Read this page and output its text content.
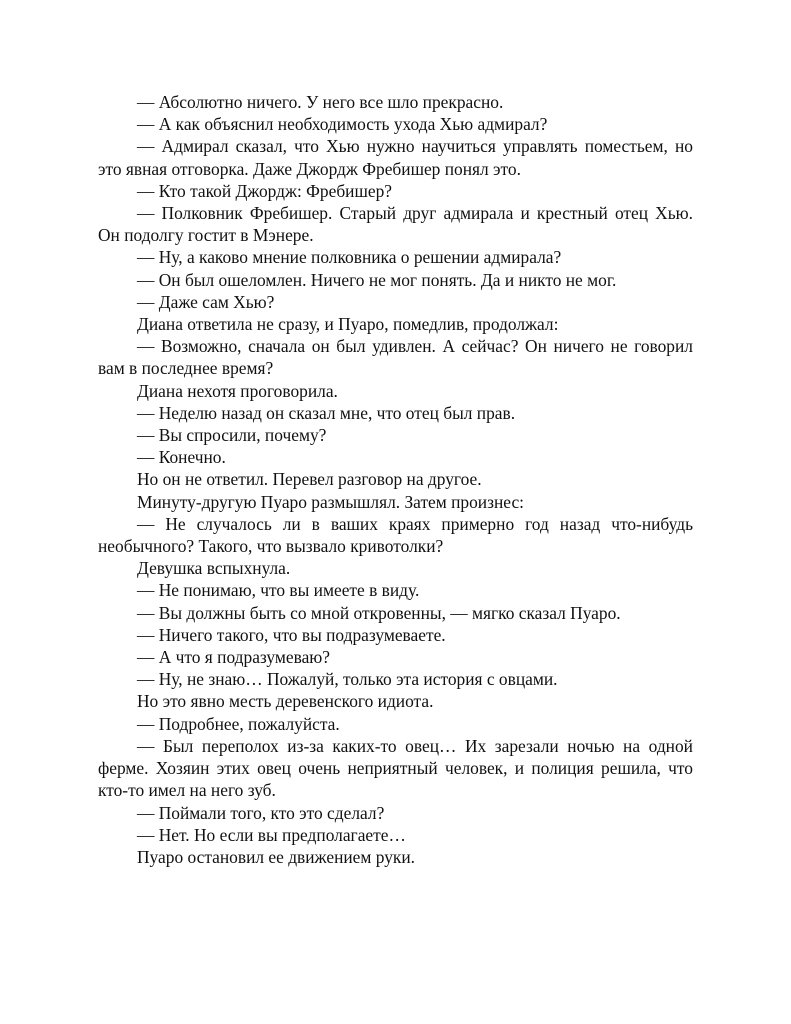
— Абсолютно ничего. У него все шло прекрасно.

— А как объяснил необходимость ухода Хью адмирал?

— Адмирал сказал, что Хью нужно научиться управлять поместьем, но это явная отговорка. Даже Джордж Фребишер понял это.

— Кто такой Джордж: Фребишер?

— Полковник Фребишер. Старый друг адмирала и крестный отец Хью. Он подолгу гостит в Мэнере.

— Ну, а каково мнение полковника о решении адмирала?

— Он был ошеломлен. Ничего не мог понять. Да и никто не мог.

— Даже сам Хью?

Диана ответила не сразу, и Пуаро, помедлив, продолжал:

— Возможно, сначала он был удивлен. А сейчас? Он ничего не говорил вам в последнее время?

Диана нехотя проговорила.

— Неделю назад он сказал мне, что отец был прав.

— Вы спросили, почему?

— Конечно.

Но он не ответил. Перевел разговор на другое.

Минуту-другую Пуаро размышлял. Затем произнес:

— Не случалось ли в ваших краях примерно год назад что-нибудь необычного? Такого, что вызвало кривотолки?

Девушка вспыхнула.

— Не понимаю, что вы имеете в виду.

— Вы должны быть со мной откровенны, — мягко сказал Пуаро.

— Ничего такого, что вы подразумеваете.

— А что я подразумеваю?

— Ну, не знаю… Пожалуй, только эта история с овцами.

Но это явно месть деревенского идиота.

— Подробнее, пожалуйста.

— Был переполох из-за каких-то овец… Их зарезали ночью на одной ферме. Хозяин этих овец очень неприятный человек, и полиция решила, что кто-то имел на него зуб.

— Поймали того, кто это сделал?

— Нет. Но если вы предполагаете…

Пуаро остановил ее движением руки.
